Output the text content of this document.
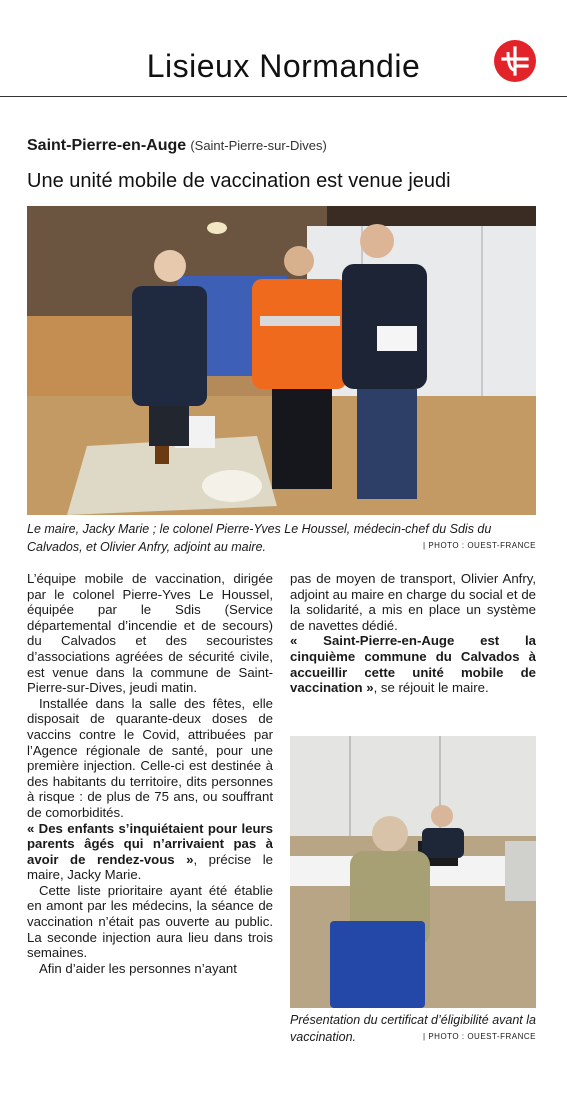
Lisieux Normandie
Saint-Pierre-en-Auge (Saint-Pierre-sur-Dives)
Une unité mobile de vaccination est venue jeudi
Le maire, Jacky Marie ; le colonel Pierre-Yves Le Houssel, médecin-chef du Sdis du Calvados, et Olivier Anfry, adjoint au maire.	| PHOTO : OUEST-FRANCE

L’équipe mobile de vaccination, dirigée par le colonel Pierre-Yves Le Houssel, équipée par le Sdis (Service départemental d’incendie et de secours) du Calvados et des secouristes d’associations agréées de sécurité civile, est venue dans la commune de Saint-Pierre-sur-Dives, jeudi matin.

Installée dans la salle des fêtes, elle disposait de quarante-deux doses de vaccins contre le Covid, attribuées par l’Agence régionale de santé, pour une première injection. Celle-ci est destinée à des habitants du territoire, dits personnes à risque : de plus de 75 ans, ou souffrant de comorbidités.

« Des enfants s’inquiétaient pour leurs parents âgés qui n’arrivaient pas à avoir de rendez-vous », précise le maire, Jacky Marie.

Cette liste prioritaire ayant été établie en amont par les médecins, la séance de vaccination n’était pas ouverte au public. La seconde injection aura lieu dans trois semaines.

Afin d’aider les personnes n’ayant

pas de moyen de transport, Olivier Anfry, adjoint au maire en charge du social et de la solidarité, a mis en place un système de navettes dédié.

« Saint-Pierre-en-Auge est la cinquième commune du Calvados à accueillir cette unité mobile de vaccination », se réjouit le maire.

Présentation du certificat d’éligibilité avant la vaccination.	| PHOTO : OUEST-FRANCE
